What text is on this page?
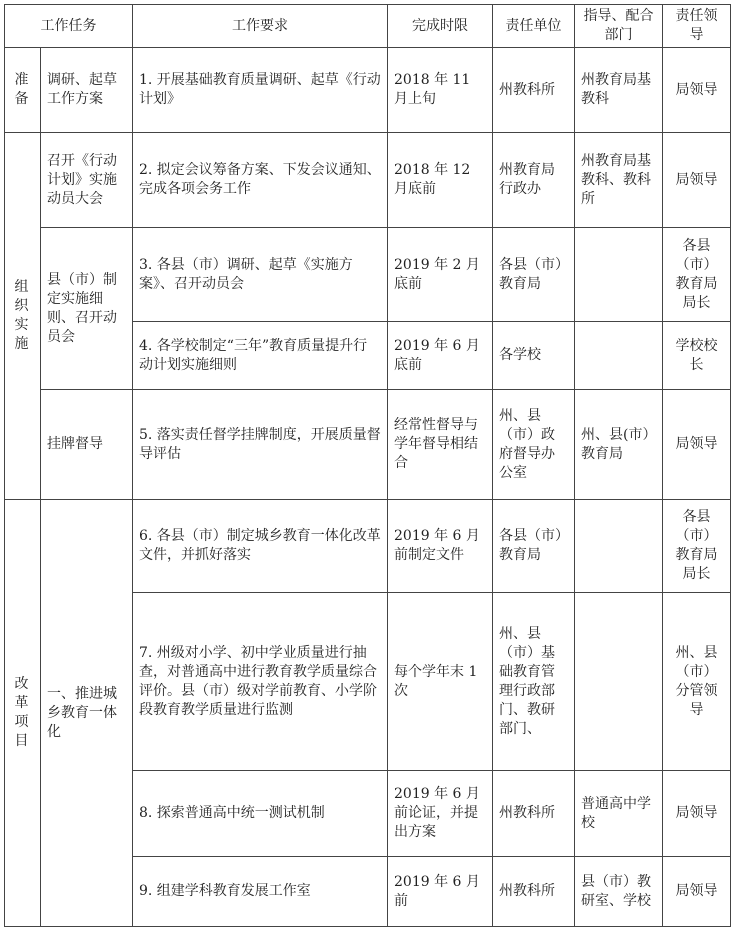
工作任务		工作要求	完成时限	责任单位	指导、配合部门	责任领导
准备	调研、起草工作方案	1. 开展基础教育质量调研、起草《行动计划》	2018 年 11 月上旬	州教科所	州教育局基教科	局领导
组织实施	召开《行动计划》实施动员大会	2. 拟定会议筹备方案、下发会议通知、完成各项会务工作	2018 年 12 月底前	州教育局行政办	州教育局基教科、教科所	局领导
	县（市）制定实施细则、召开动员会	3. 各县（市）调研、起草《实施方案》、召开动员会	2019 年 2 月底前	各县（市）教育局		各县（市）教育局局长
		4. 各学校制定“三年”教育质量提升行动计划实施细则	2019 年 6 月底前	各学校		学校校长
	挂牌督导	5. 落实责任督学挂牌制度，开展质量督导评估	经常性督导与学年督导相结合	州、县（市）政府督导办公室	州、县(市）教育局	局领导
改革项目	一、推进城乡教育一体化	6. 各县（市）制定城乡教育一体化改革文件，并抓好落实	2019 年 6 月前制定文件	各县（市）教育局		各县（市）教育局局长
		7. 州级对小学、初中学业质量进行抽查，对普通高中进行教育教学质量综合评价。县（市）级对学前教育、小学阶段教育教学质量进行监测	每个学年末 1 次	州、县（市）基础教育管理行政部门、教研部门、		州、县（市）分管领导
		8. 探索普通高中统一测试机制	2019 年 6 月前论证，并提出方案	州教科所	普通高中学校	局领导
		9. 组建学科教育发展工作室	2019 年 6 月前	州教科所	县（市）教研室、学校	局领导
